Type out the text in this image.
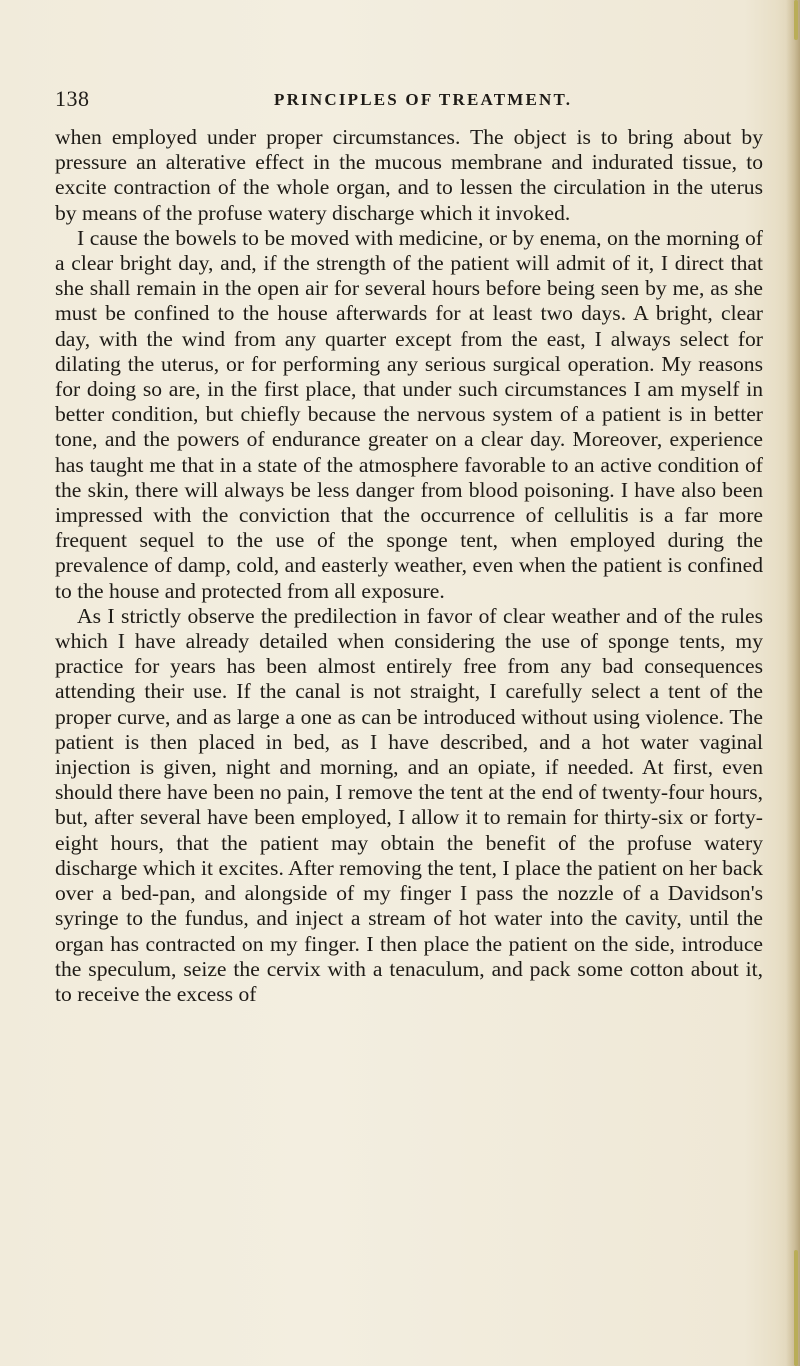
138	PRINCIPLES OF TREATMENT.

when employed under proper circumstances. The object is to bring about by pressure an alterative effect in the mucous membrane and indurated tissue, to excite contraction of the whole organ, and to lessen the circulation in the uterus by means of the profuse watery discharge which it invoked.

I cause the bowels to be moved with medicine, or by enema, on the morning of a clear bright day, and, if the strength of the patient will admit of it, I direct that she shall remain in the open air for several hours before being seen by me, as she must be confined to the house afterwards for at least two days. A bright, clear day, with the wind from any quarter except from the east, I always select for dilating the uterus, or for performing any serious surgical operation. My reasons for doing so are, in the first place, that under such circumstances I am myself in better condition, but chiefly because the nervous system of a patient is in better tone, and the powers of endurance greater on a clear day. Moreover, experience has taught me that in a state of the atmosphere favorable to an active condition of the skin, there will always be less danger from blood poisoning. I have also been impressed with the conviction that the occurrence of cellulitis is a far more frequent sequel to the use of the sponge tent, when employed during the prevalence of damp, cold, and easterly weather, even when the patient is confined to the house and protected from all exposure.

As I strictly observe the predilection in favor of clear weather and of the rules which I have already detailed when considering the use of sponge tents, my practice for years has been almost entirely free from any bad consequences attending their use. If the canal is not straight, I carefully select a tent of the proper curve, and as large a one as can be introduced without using violence. The patient is then placed in bed, as I have described, and a hot water vaginal injection is given, night and morning, and an opiate, if needed. At first, even should there have been no pain, I remove the tent at the end of twenty-four hours, but, after several have been employed, I allow it to remain for thirty-six or forty-eight hours, that the patient may obtain the benefit of the profuse watery discharge which it excites. After removing the tent, I place the patient on her back over a bed-pan, and alongside of my finger I pass the nozzle of a Davidson's syringe to the fundus, and inject a stream of hot water into the cavity, until the organ has contracted on my finger. I then place the patient on the side, introduce the speculum, seize the cervix with a tenaculum, and pack some cotton about it, to receive the excess of
